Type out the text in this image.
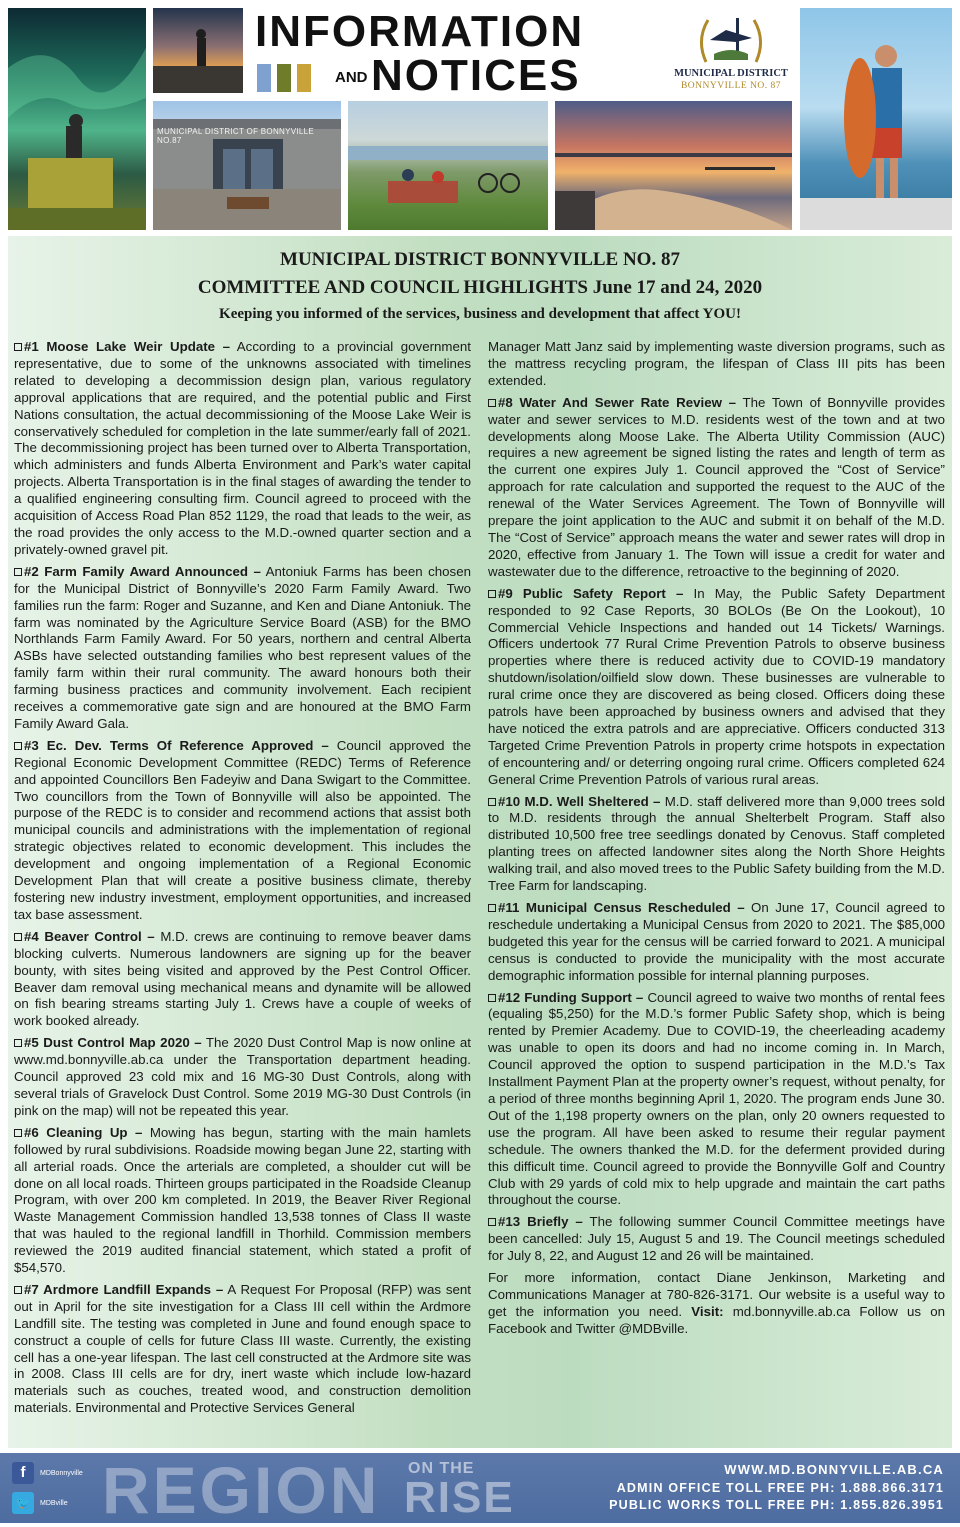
MUNICIPAL DISTRICT OF BONNYVILLE NO.87
INFORMATION
AND NOTICES	MUNICIPAL DISTRICT
BONNYVILLE NO. 87
MUNICIPAL DISTRICT BONNYVILLE NO. 87
COMMITTEE AND COUNCIL HIGHLIGHTS June 17 and 24, 2020
Keeping you informed of the services, business and development that affect YOU!

#1 Moose Lake Weir Update – According to a provincial government representative, due to some of the unknowns associated with timelines related to developing a decommission design plan, various regulatory approval applications that are required, and the potential public and First Nations consultation, the actual decommissioning of the Moose Lake Weir is conservatively scheduled for completion in the late summer/early fall of 2021. The decommissioning project has been turned over to Alberta Transportation, which administers and funds Alberta Environment and Park’s water capital projects. Alberta Transportation is in the final stages of awarding the tender to a qualified engineering consulting firm. Council agreed to proceed with the acquisition of Access Road Plan 852 1129, the road that leads to the weir, as the road provides the only access to the M.D.-owned quarter section and a privately-owned gravel pit.

#2 Farm Family Award Announced – Antoniuk Farms has been chosen for the Municipal District of Bonnyville’s 2020 Farm Family Award. Two families run the farm: Roger and Suzanne, and Ken and Diane Antoniuk. The farm was nominated by the Agriculture Service Board (ASB) for the BMO Northlands Farm Family Award. For 50 years, northern and central Alberta ASBs have selected outstanding families who best represent values of the family farm within their rural community. The award honours both their farming business practices and community involvement. Each recipient receives a commemorative gate sign and are honoured at the BMO Farm Family Award Gala.

#3 Ec. Dev. Terms Of Reference Approved – Council approved the Regional Economic Development Committee (REDC) Terms of Reference and appointed Councillors Ben Fadeyiw and Dana Swigart to the Committee. Two councillors from the Town of Bonnyville will also be appointed. The purpose of the REDC is to consider and recommend actions that assist both municipal councils and administrations with the implementation of regional strategic objectives related to economic development. This includes the development and ongoing implementation of a Regional Economic Development Plan that will create a positive business climate, thereby fostering new industry investment, employment opportunities, and increased tax base assessment.

#4 Beaver Control – M.D. crews are continuing to remove beaver dams blocking culverts. Numerous landowners are signing up for the beaver bounty, with sites being visited and approved by the Pest Control Officer. Beaver dam removal using mechanical means and dynamite will be allowed on fish bearing streams starting July 1. Crews have a couple of weeks of work booked already.

#5 Dust Control Map 2020 – The 2020 Dust Control Map is now online at www.md.bonnyville.ab.ca under the Transportation department heading. Council approved 23 cold mix and 16 MG-30 Dust Controls, along with several trials of Gravelock Dust Control. Some 2019 MG-30 Dust Controls (in pink on the map) will not be repeated this year.

#6 Cleaning Up – Mowing has begun, starting with the main hamlets followed by rural subdivisions. Roadside mowing began June 22, starting with all arterial roads. Once the arterials are completed, a shoulder cut will be done on all local roads. Thirteen groups participated in the Roadside Cleanup Program, with over 200 km completed. In 2019, the Beaver River Regional Waste Management Commission handled 13,538 tonnes of Class II waste that was hauled to the regional landfill in Thorhild. Commission members reviewed the 2019 audited financial statement, which stated a profit of $54,570.

#7 Ardmore Landfill Expands – A Request For Proposal (RFP) was sent out in April for the site investigation for a Class III cell within the Ardmore Landfill site. The testing was completed in June and found enough space to construct a couple of cells for future Class III waste. Currently, the existing cell has a one-year lifespan. The last cell constructed at the Ardmore site was in 2008. Class III cells are for dry, inert waste which include low-hazard materials such as couches, treated wood, and construction demolition materials. Environmental and Protective Services General

Manager Matt Janz said by implementing waste diversion programs, such as the mattress recycling program, the lifespan of Class III pits has been extended.

#8 Water And Sewer Rate Review – The Town of Bonnyville provides water and sewer services to M.D. residents west of the town and at two developments along Moose Lake. The Alberta Utility Commission (AUC) requires a new agreement be signed listing the rates and length of term as the current one expires July 1. Council approved the “Cost of Service” approach for rate calculation and supported the request to the AUC of the renewal of the Water Services Agreement. The Town of Bonnyville will prepare the joint application to the AUC and submit it on behalf of the M.D. The “Cost of Service” approach means the water and sewer rates will drop in 2020, effective from January 1. The Town will issue a credit for water and wastewater due to the difference, retroactive to the beginning of 2020.

#9 Public Safety Report – In May, the Public Safety Department responded to 92 Case Reports, 30 BOLOs (Be On the Lookout), 10 Commercial Vehicle Inspections and handed out 14 Tickets/ Warnings. Officers undertook 77 Rural Crime Prevention Patrols to observe business properties where there is reduced activity due to COVID-19 mandatory shutdown/isolation/oilfield slow down. These businesses are vulnerable to rural crime once they are discovered as being closed. Officers doing these patrols have been approached by business owners and advised that they have noticed the extra patrols and are appreciative. Officers conducted 313 Targeted Crime Prevention Patrols in property crime hotspots in expectation of encountering and/ or deterring ongoing rural crime. Officers completed 624 General Crime Prevention Patrols of various rural areas.

#10 M.D. Well Sheltered – M.D. staff delivered more than 9,000 trees sold to M.D. residents through the annual Shelterbelt Program. Staff also distributed 10,500 free tree seedlings donated by Cenovus. Staff completed planting trees on affected landowner sites along the North Shore Heights walking trail, and also moved trees to the Public Safety building from the M.D. Tree Farm for landscaping.

#11 Municipal Census Rescheduled – On June 17, Council agreed to reschedule undertaking a Municipal Census from 2020 to 2021. The $85,000 budgeted this year for the census will be carried forward to 2021. A municipal census is conducted to provide the municipality with the most accurate demographic information possible for internal planning purposes.

#12 Funding Support – Council agreed to waive two months of rental fees (equaling $5,250) for the M.D.’s former Public Safety shop, which is being rented by Premier Academy. Due to COVID-19, the cheerleading academy was unable to open its doors and had no income coming in. In March, Council approved the option to suspend participation in the M.D.’s Tax Installment Payment Plan at the property owner’s request, without penalty, for a period of three months beginning April 1, 2020. The program ends June 30. Out of the 1,198 property owners on the plan, only 20 owners requested to use the program. All have been asked to resume their regular payment schedule. The owners thanked the M.D. for the deferment provided during this difficult time. Council agreed to provide the Bonnyville Golf and Country Club with 29 yards of cold mix to help upgrade and maintain the cart paths throughout the course.

#13 Briefly – The following summer Council Committee meetings have been cancelled: July 15, August 5 and 19. The Council meetings scheduled for July 8, 22, and August 12 and 26 will be maintained.

For more information, contact Diane Jenkinson, Marketing and Communications Manager at 780-826-3171. Our website is a useful way to get the information you need. Visit: md.bonnyville.ab.ca Follow us on Facebook and Twitter @MDBville.

f	MDBonnyville
🐦	MDBville REGION ON THE
RISE
WWW.MD.BONNYVILLE.AB.CA
ADMIN OFFICE TOLL FREE PH: 1.888.866.3171
PUBLIC WORKS TOLL FREE PH: 1.855.826.3951
